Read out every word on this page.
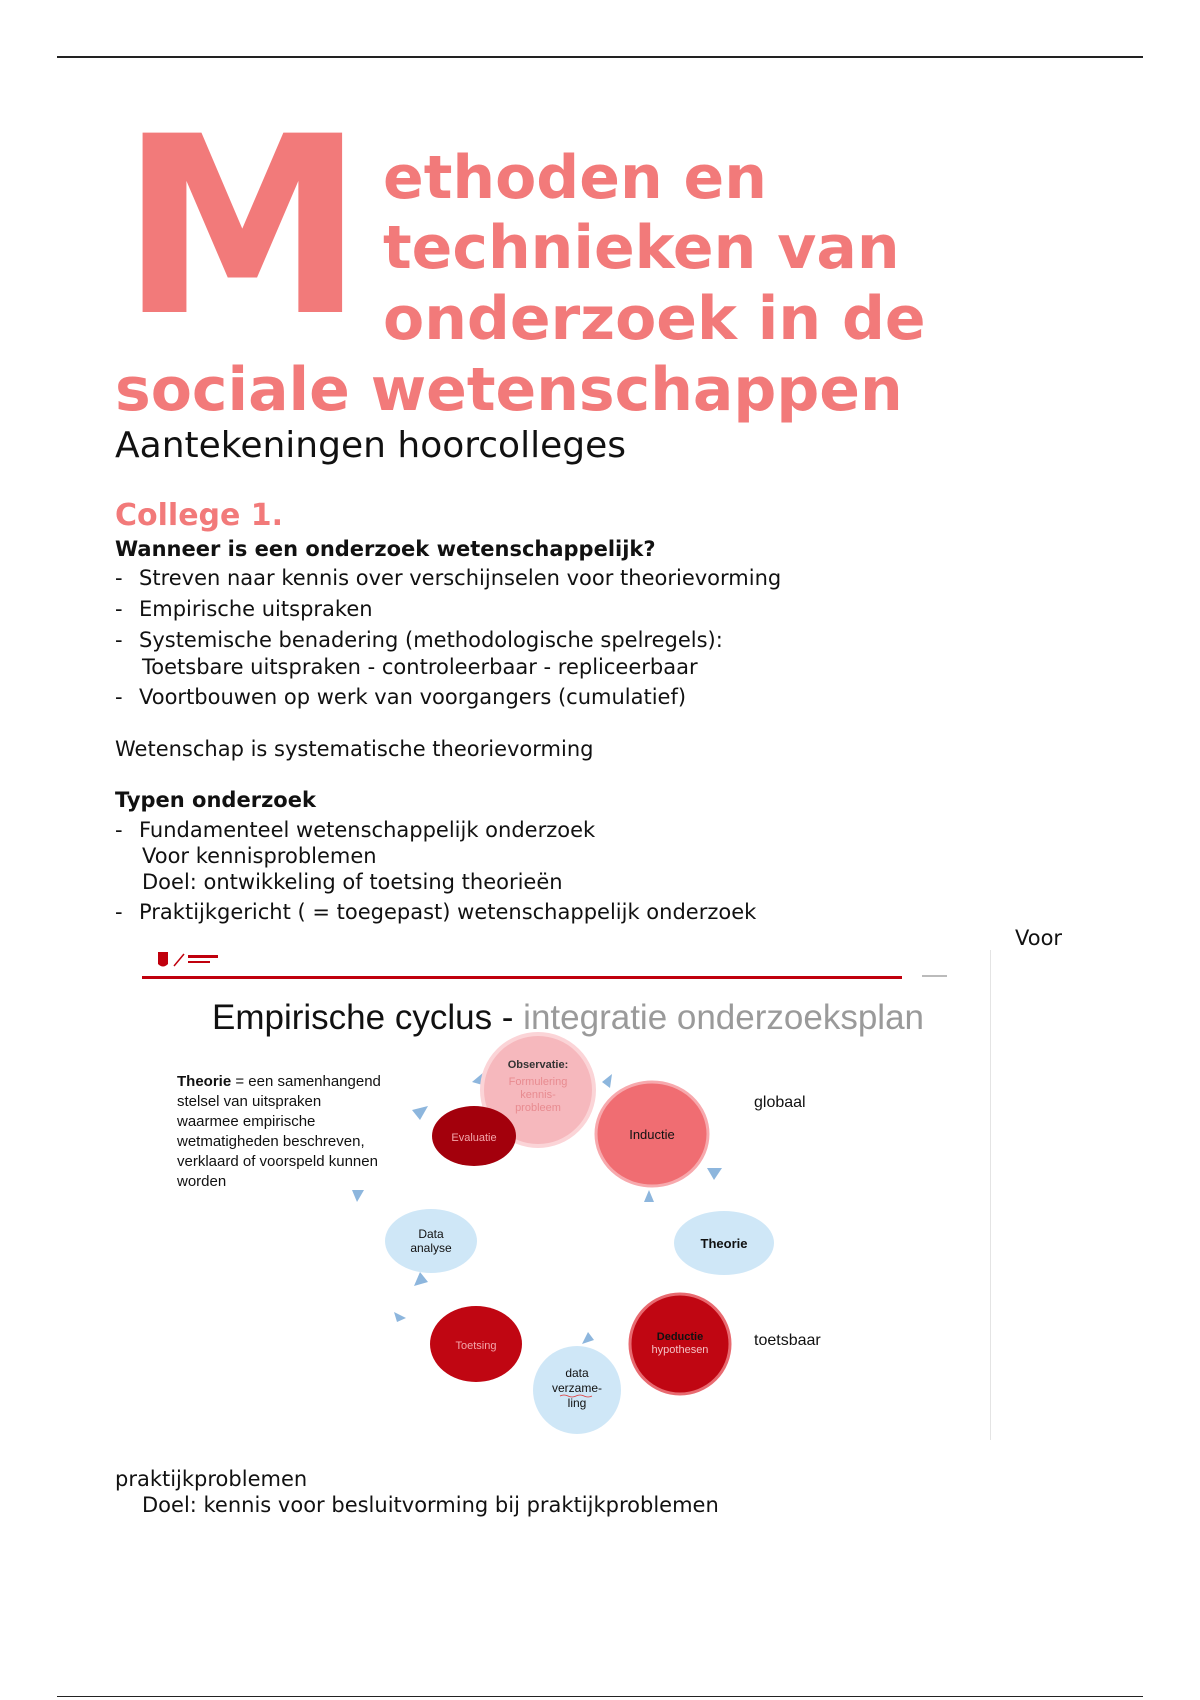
M ethoden en
technieken van
onderzoek in de
sociale wetenschappen
Aantekeningen hoorcolleges
College 1.
Wanneer is een onderzoek wetenschappelijk?
- Streven naar kennis over verschijnselen voor theorievorming
- Empirische uitspraken
- Systemische benadering (methodologische spelregels):
Toetsbare uitspraken - controleerbaar - repliceerbaar
- Voortbouwen op werk van voorgangers (cumulatief)
Wetenschap is systematische theorievorming
Typen onderzoek
- Fundamenteel wetenschappelijk onderzoek
Voor kennisproblemen
Doel: ontwikkeling of toetsing theorieën
- Praktijkgericht ( = toegepast) wetenschappelijk onderzoek
Voor
Observatie:
Formulering
kennis-
probleem
Inductie
Theorie
Deductie
hypothesen
data
verzame-
ling
Toetsing
Data
analyse
Evaluatie
Empirische cyclus - integratie onderzoeksplan
Theorie = een samenhangend stelsel van uitspraken waarmee empirische wetmatigheden beschreven, verklaard of voorspeld kunnen worden
globaal
toetsbaar
praktijkproblemen
Doel: kennis voor besluitvorming bij praktijkproblemen
